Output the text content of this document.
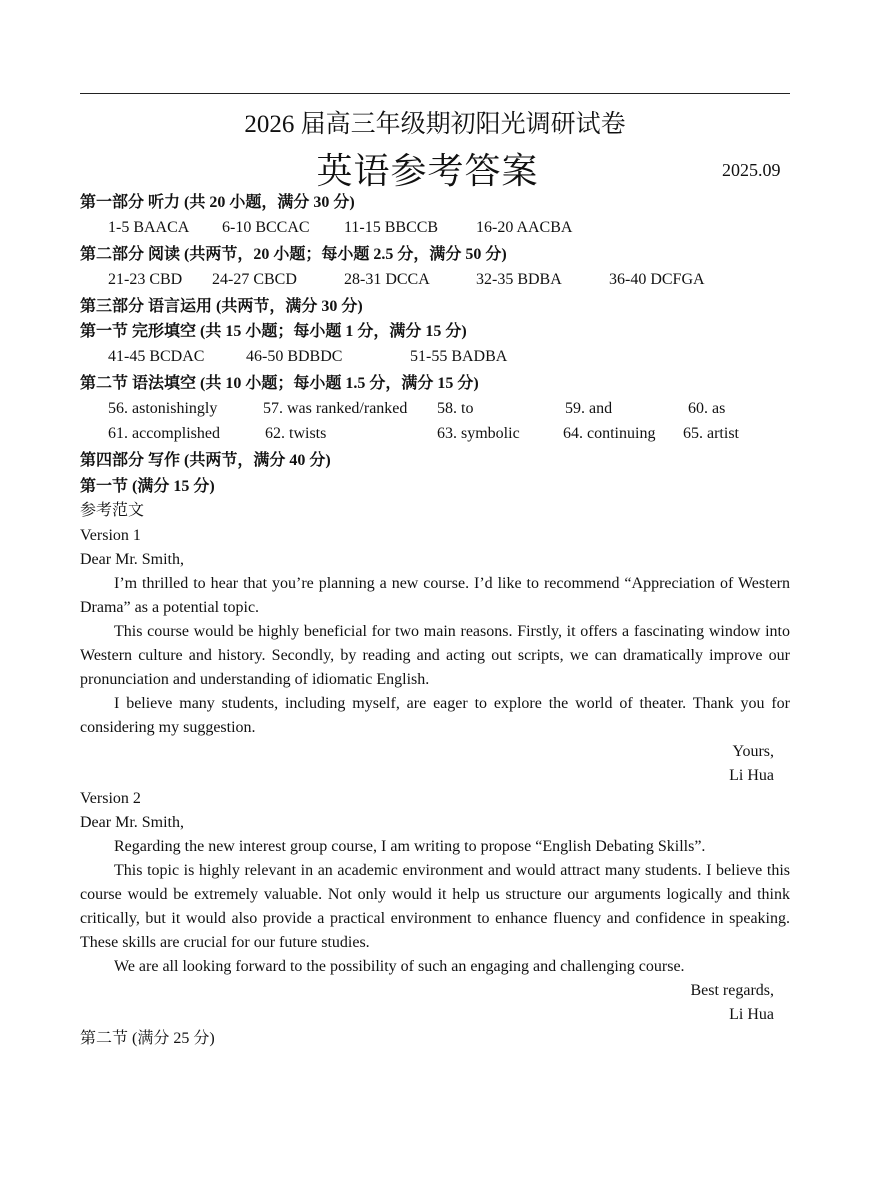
2026 届高三年级期初阳光调研试卷
英语参考答案	2025.09
第一部分 听力 (共 20 小题，满分 30 分)
1-5 BAACA 6-10 BCCAC 11-15 BBCCB 16-20 AACBA
第二部分 阅读 (共两节，20 小题；每小题 2.5 分，满分 50 分)
21-23 CBD 24-27 CBCD	28-31 DCCA	32-35 BDBA	36-40 DCFGA
第三部分 语言运用 (共两节，满分 30 分)
第一节 完形填空 (共 15 小题；每小题 1 分，满分 15 分)
41-45 BCDAC	46-50 BDBDC	51-55 BADBA
第二节 语法填空 (共 10 小题；每小题 1.5 分，满分 15 分)
56. astonishingly	57. was ranked/ranked 58. to	59. and	60. as
61. accomplished	62. twists	63. symbolic	64. continuing 65. artist
第四部分 写作 (共两节，满分 40 分)
第一节 (满分 15 分)
参考范文
Version 1
Dear Mr. Smith,
I’m thrilled to hear that you’re planning a new course. I’d like to recommend “Appreciation of Western Drama” as a potential topic.
This course would be highly beneficial for two main reasons. Firstly, it offers a fascinating window into Western culture and history. Secondly, by reading and acting out scripts, we can dramatically improve our pronunciation and understanding of idiomatic English.
I believe many students, including myself, are eager to explore the world of theater. Thank you for considering my suggestion.
Yours,
Li Hua
Version 2
Dear Mr. Smith,
Regarding the new interest group course, I am writing to propose “English Debating Skills”.
This topic is highly relevant in an academic environment and would attract many students. I believe this course would be extremely valuable. Not only would it help us structure our arguments logically and think critically, but it would also provide a practical environment to enhance fluency and confidence in speaking. These skills are crucial for our future studies.
We are all looking forward to the possibility of such an engaging and challenging course.
Best regards,
Li Hua
第二节 (满分 25 分)
